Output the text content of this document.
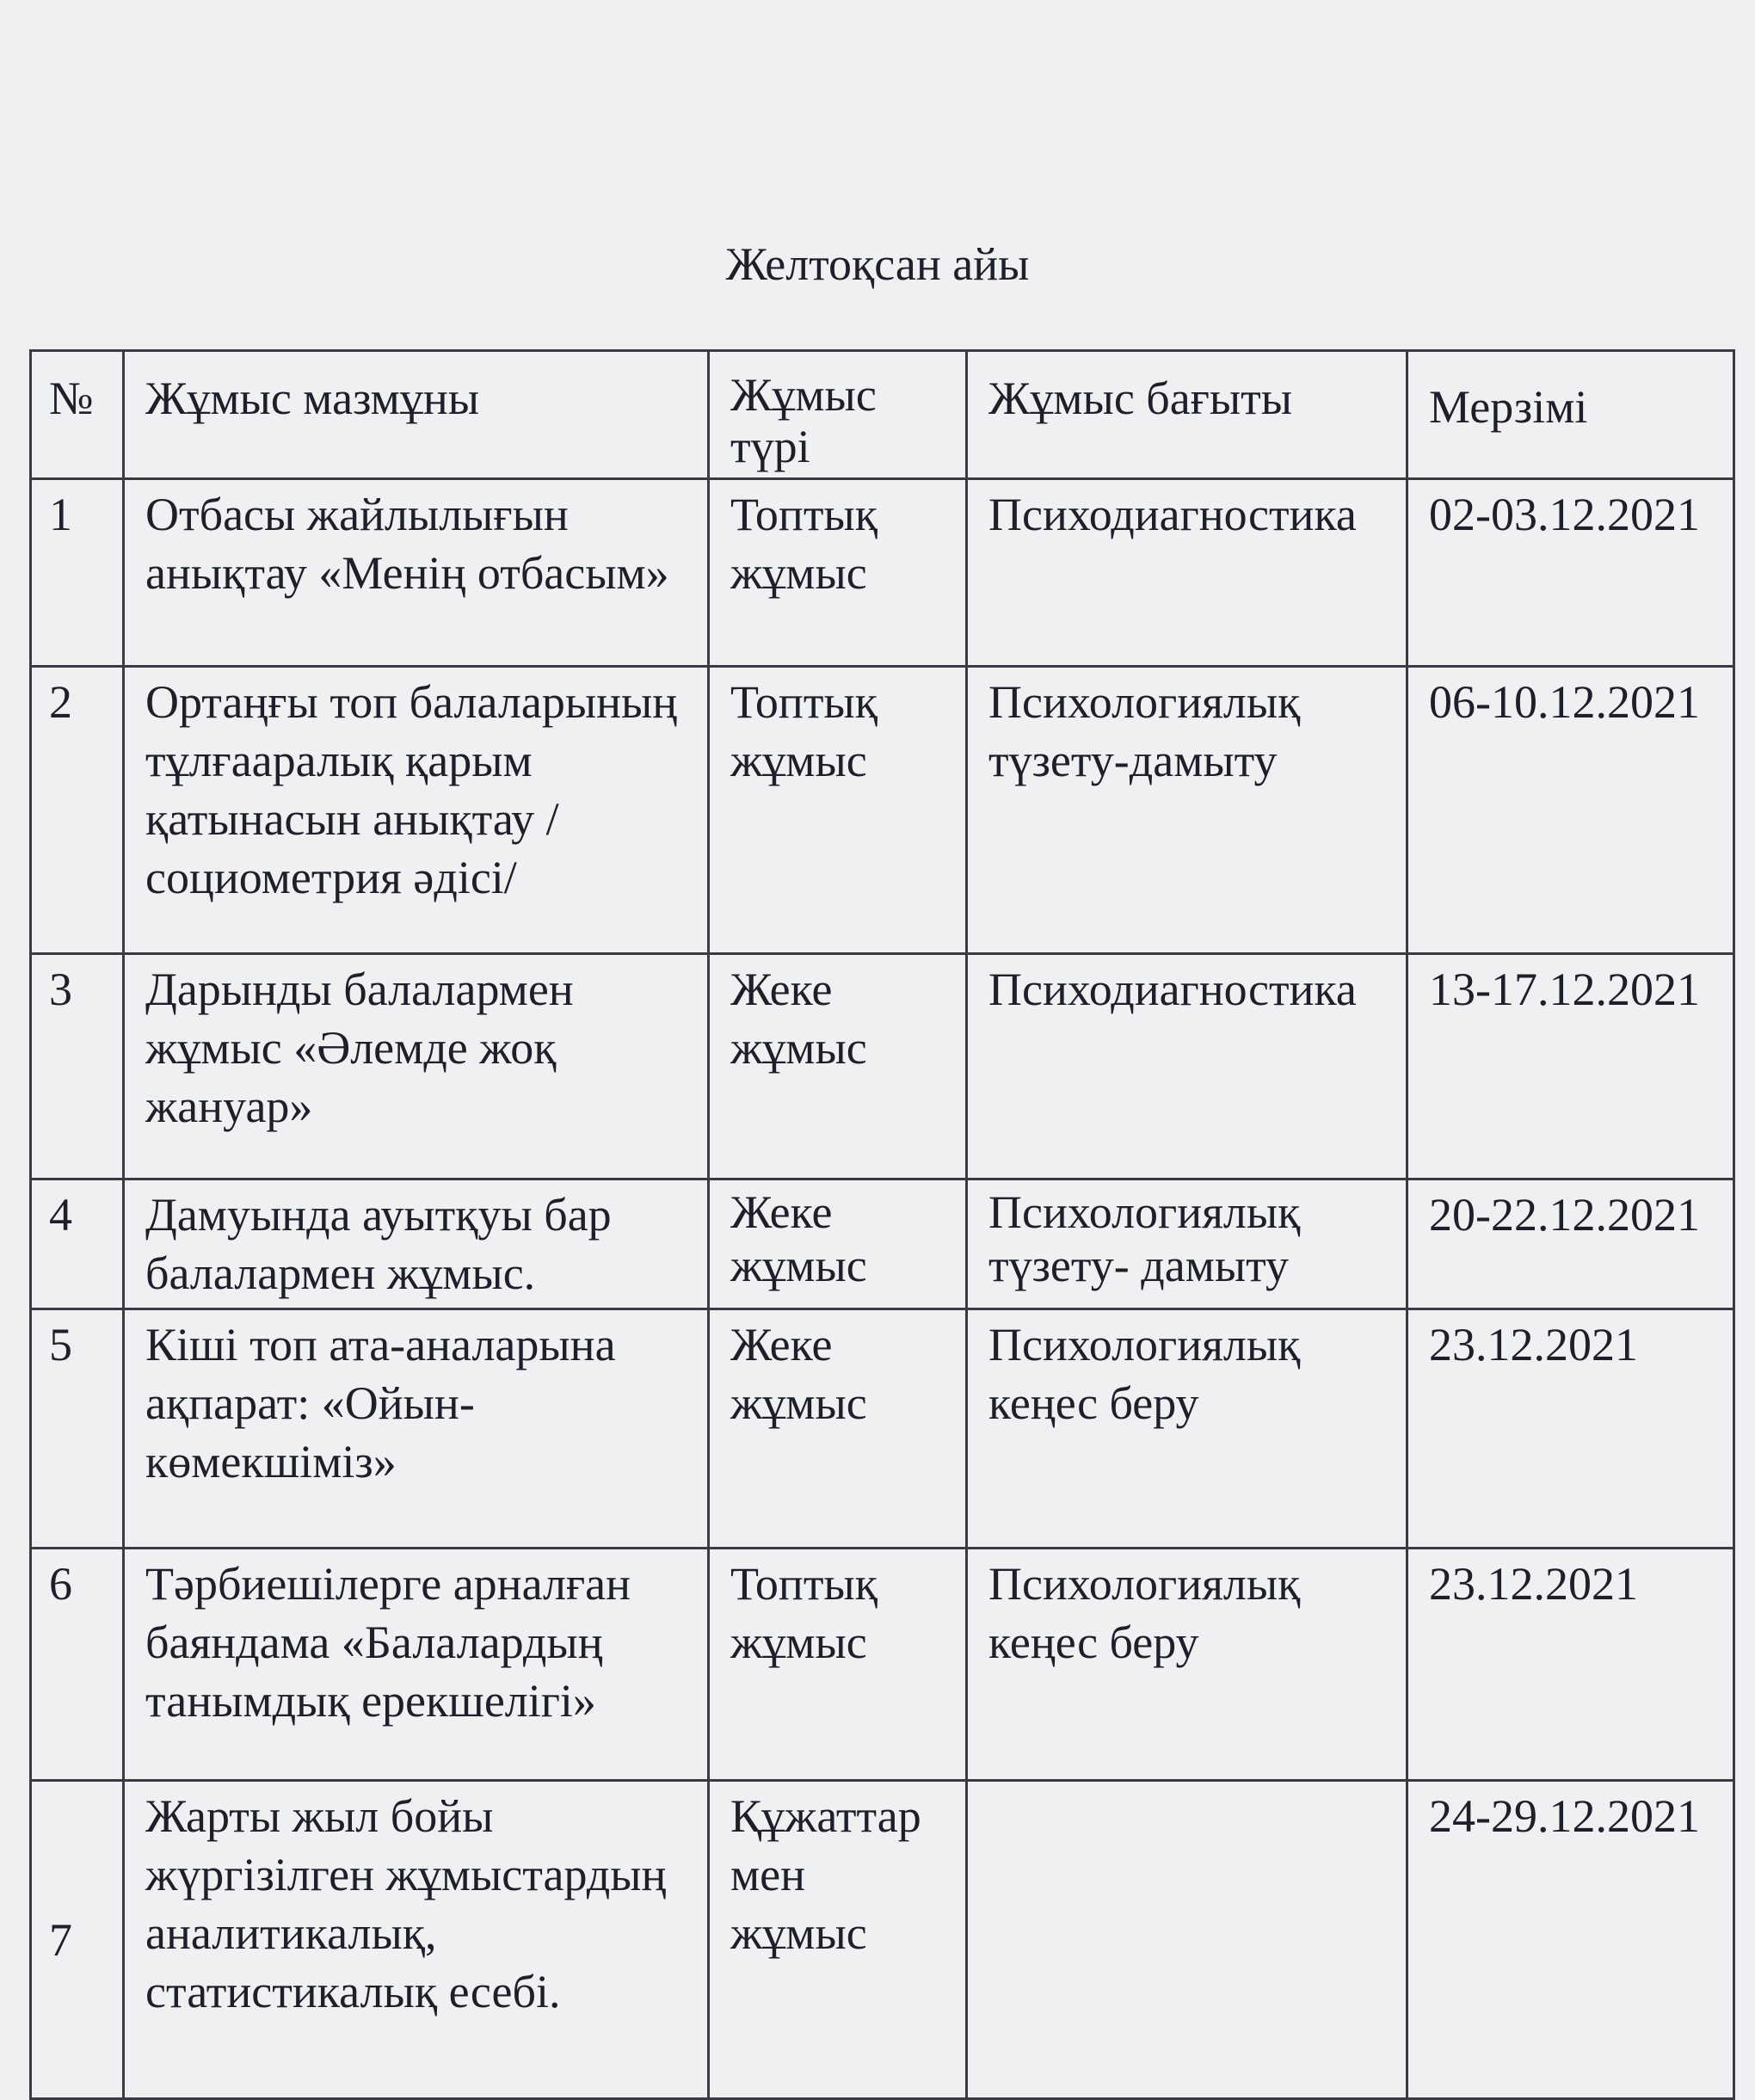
Желтоқсан айы
№	Жұмыс мазмұны	Жұмыс түрі	Жұмыс бағыты	Мерзімі
1	Отбасы жайлылығын анықтау «Менің отбасым»	Топтық жұмыс	Психодиагностика	02-03.12.2021
2	Ортаңғы топ балаларының тұлғааралық қарым қатынасын анықтау /социометрия әдісі/	Топтық жұмыс	Психологиялық түзету-дамыту	06-10.12.2021
3	Дарынды балалармен жұмыс «Әлемде жоқ жануар»	Жеке жұмыс	Психодиагностика	13-17.12.2021
4	Дамуында ауытқуы бар балалармен жұмыс.	Жеке жұмыс	Психологиялық түзету- дамыту	20-22.12.2021
5	Кіші топ ата-аналарына ақпарат: «Ойын- көмекшіміз»	Жеке жұмыс	Психологиялық кеңес беру	23.12.2021
6	Тәрбиешілерге арналған баяндама «Балалардың танымдық ерекшелігі»	Топтық жұмыс	Психологиялық кеңес беру	23.12.2021
7	Жарты жыл бойы жүргізілген жұмыстардың аналитикалық, статистикалық есебі.	Құжаттар мен жұмыс		24-29.12.2021
